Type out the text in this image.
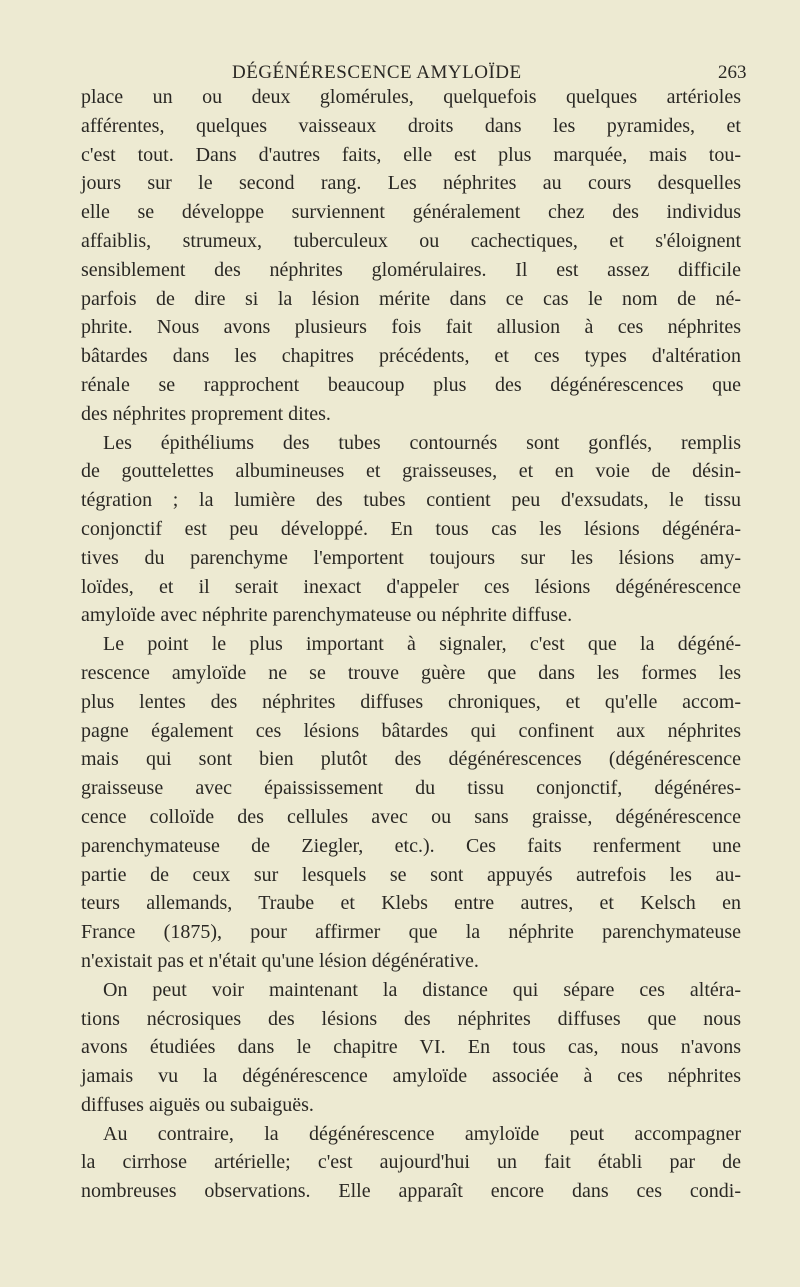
DÉGÉNÉRESCENCE AMYLOÏDE	263
place un ou deux glomérules, quelquefois quelques artérioles
afférentes, quelques vaisseaux droits dans les pyramides, et
c'est tout. Dans d'autres faits, elle est plus marquée, mais tou-
jours sur le second rang. Les néphrites au cours desquelles
elle se développe surviennent généralement chez des individus
affaiblis, strumeux, tuberculeux ou cachectiques, et s'éloignent
sensiblement des néphrites glomérulaires. Il est assez difficile
parfois de dire si la lésion mérite dans ce cas le nom de né-
phrite. Nous avons plusieurs fois fait allusion à ces néphrites
bâtardes dans les chapitres précédents, et ces types d'altération
rénale se rapprochent beaucoup plus des dégénérescences que
des néphrites proprement dites.
Les épithéliums des tubes contournés sont gonflés, remplis
de gouttelettes albumineuses et graisseuses, et en voie de désin-
tégration ; la lumière des tubes contient peu d'exsudats, le tissu
conjonctif est peu développé. En tous cas les lésions dégénéra-
tives du parenchyme l'emportent toujours sur les lésions amy-
loïdes, et il serait inexact d'appeler ces lésions dégénérescence
amyloïde avec néphrite parenchymateuse ou néphrite diffuse.
Le point le plus important à signaler, c'est que la dégéné-
rescence amyloïde ne se trouve guère que dans les formes les
plus lentes des néphrites diffuses chroniques, et qu'elle accom-
pagne également ces lésions bâtardes qui confinent aux néphrites
mais qui sont bien plutôt des dégénérescences (dégénérescence
graisseuse avec épaississement du tissu conjonctif, dégénéres-
cence colloïde des cellules avec ou sans graisse, dégénérescence
parenchymateuse de Ziegler, etc.). Ces faits renferment une
partie de ceux sur lesquels se sont appuyés autrefois les au-
teurs allemands, Traube et Klebs entre autres, et Kelsch en
France (1875), pour affirmer que la néphrite parenchymateuse
n'existait pas et n'était qu'une lésion dégénérative.
On peut voir maintenant la distance qui sépare ces altéra-
tions nécrosiques des lésions des néphrites diffuses que nous
avons étudiées dans le chapitre VI. En tous cas, nous n'avons
jamais vu la dégénérescence amyloïde associée à ces néphrites
diffuses aiguës ou subaiguës.
Au contraire, la dégénérescence amyloïde peut accompagner
la cirrhose artérielle; c'est aujourd'hui un fait établi par de
nombreuses observations. Elle apparaît encore dans ces condi-
